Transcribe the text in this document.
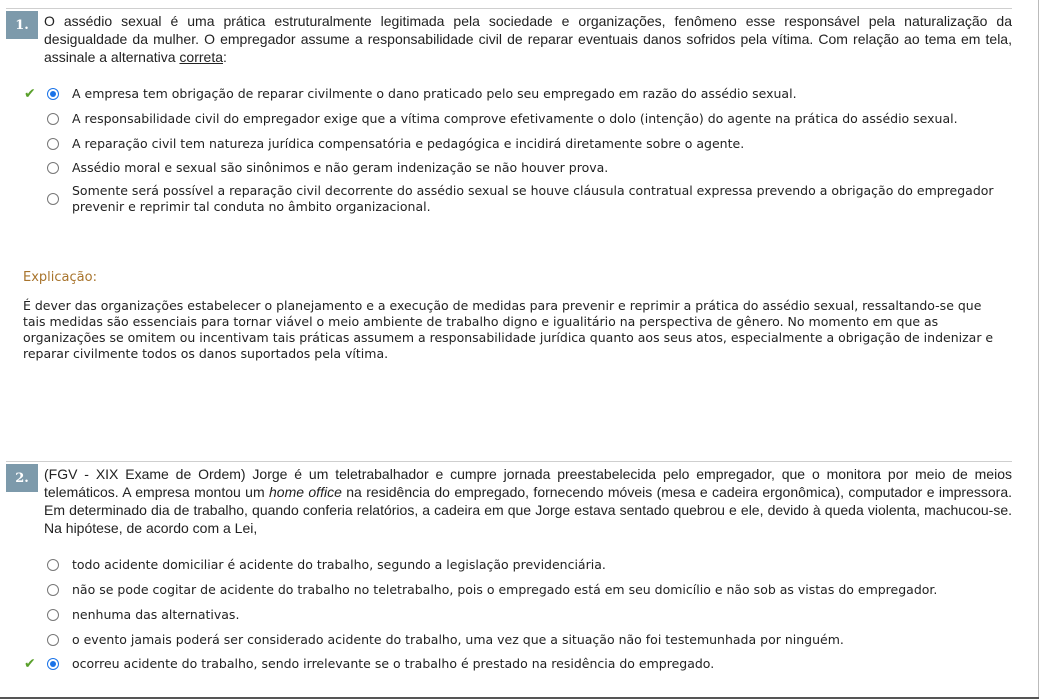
1.	O assédio sexual é uma prática estruturalmente legitimada pela sociedade e organizações, fenômeno esse responsável pela naturalização da desigualdade da mulher. O empregador assume a responsabilidade civil de reparar eventuais danos sofridos pela vítima. Com relação ao tema em tela, assinale a alternativa correta:
✔	A empresa tem obrigação de reparar civilmente o dano praticado pelo seu empregado em razão do assédio sexual.
A responsabilidade civil do empregador exige que a vítima comprove efetivamente o dolo (intenção) do agente na prática do assédio sexual.
A reparação civil tem natureza jurídica compensatória e pedagógica e incidirá diretamente sobre o agente.
Assédio moral e sexual são sinônimos e não geram indenização se não houver prova.
Somente será possível a reparação civil decorrente do assédio sexual se houve cláusula contratual expressa prevendo a obrigação do empregador prevenir e reprimir tal conduta no âmbito organizacional.
Explicação:
É dever das organizações estabelecer o planejamento e a execução de medidas para prevenir e reprimir a prática do assédio sexual, ressaltando-se que tais medidas são essenciais para tornar viável o meio ambiente de trabalho digno e igualitário na perspectiva de gênero. No momento em que as organizações se omitem ou incentivam tais práticas assumem a responsabilidade jurídica quanto aos seus atos, especialmente a obrigação de indenizar e reparar civilmente todos os danos suportados pela vítima.
2.	(FGV - XIX Exame de Ordem) Jorge é um teletrabalhador e cumpre jornada preestabelecida pelo empregador, que o monitora por meio de meios telemáticos. A empresa montou um home office na residência do empregado, fornecendo móveis (mesa e cadeira ergonômica), computador e impressora. Em determinado dia de trabalho, quando conferia relatórios, a cadeira em que Jorge estava sentado quebrou e ele, devido à queda violenta, machucou-se. Na hipótese, de acordo com a Lei,
todo acidente domiciliar é acidente do trabalho, segundo a legislação previdenciária.
não se pode cogitar de acidente do trabalho no teletrabalho, pois o empregado está em seu domicílio e não sob as vistas do empregador.
nenhuma das alternativas.
o evento jamais poderá ser considerado acidente do trabalho, uma vez que a situação não foi testemunhada por ninguém.
✔	ocorreu acidente do trabalho, sendo irrelevante se o trabalho é prestado na residência do empregado.
